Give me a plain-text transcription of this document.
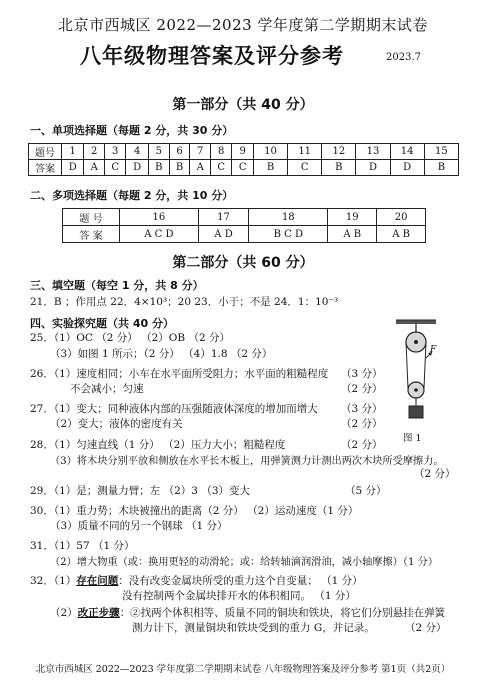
北京市西城区 2022—2023 学年度第二学期期末试卷
八年级物理答案及评分参考	2023.7
第一部分（共 40 分）
一、单项选择题（每题 2 分，共 30 分）
题号	1	2	3	4	5	6	7	8	9	10	11	12	13	14	15
答案	D	A	C	D	B	B	A	C	C	B	C	B	D	D	B
二、多项选择题（每题 2 分，共 10 分）
题 号	16	17	18	19	20
答 案	A C D	A D	B C D	A B	A B
第二部分（共 60 分）
三、填空题（每空 1 分，共 8 分）
21．B ；作用点 22．4×10³；20 23．小于；不是 24．1：10⁻³
四、实验探究题（共 40 分）
F
图 1
25．（1）OC （2 分） （2）OB （2 分）
（3）如图 1 所示；（2 分） （4）1.8 （2 分）
26．（1）速度相同；小车在水平面所受阻力；水平面的粗糙程度 （3 分）
不会减小；匀速	（2 分）
27．（1）变大；同种液体内部的压强随液体深度的增加而增大 （3 分）
（2）变大；液体的密度有关	（2 分）
28．（1）匀速直线（1 分） （2）压力大小；粗糙程度	（2 分）
（3）将木块分别平放和侧放在水平长木板上，用弹簧测力计测出两次木块所受摩擦力。
（2 分）
29．（1）是；测量力臂；左 （2）3 （3）变大	（5 分）
30．（1）重力势；木块被撞出的距离（2 分） （2）运动速度（1 分）
（3）质量不同的另一个钢球 （1 分）
31．（1）57 （1 分）
（2）增大物重（或：换用更轻的动滑轮；或：给转轴滴润滑油，减小轴摩擦）（1 分）
32．（1）存在问题：没有改变金属块所受的重力这个自变量； （1 分）
没有控制两个金属块排开水的体积相同。 （1 分）
（2）改正步骤：②找两个体积相等、质量不同的铜块和铁块，将它们分别悬挂在弹簧
测力计下，测量铜块和铁块受到的重力 G，并记录。	（2 分）
北京市西城区 2022—2023 学年度第二学期期末试卷 八年级物理答案及评分参考 第1页（共2页）
